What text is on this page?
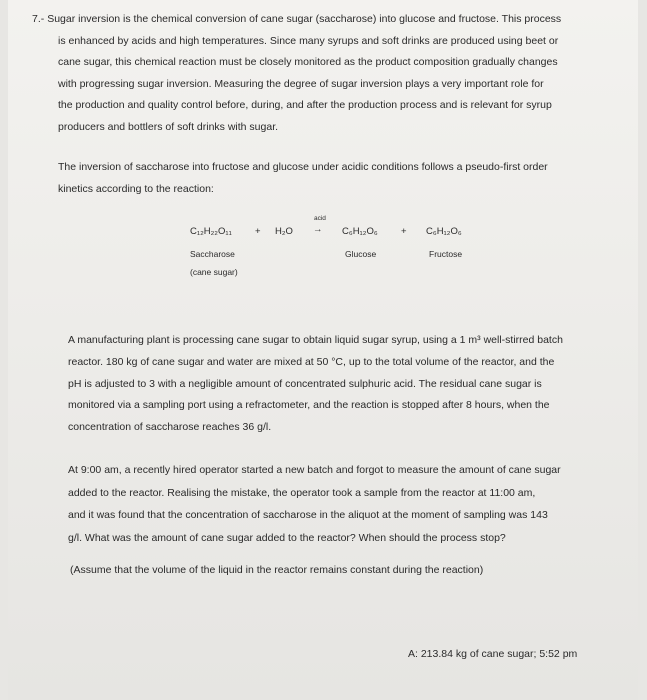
7.- Sugar inversion is the chemical conversion of cane sugar (saccharose) into glucose and fructose. This process
is enhanced by acids and high temperatures. Since many syrups and soft drinks are produced using beet or
cane sugar, this chemical reaction must be closely monitored as the product composition gradually changes
with progressing sugar inversion. Measuring the degree of sugar inversion plays a very important role for
the production and quality control before, during, and after the production process and is relevant for syrup
producers and bottlers of soft drinks with sugar.
The inversion of saccharose into fructose and glucose under acidic conditions follows a pseudo-first order
kinetics according to the reaction:
C₁₂H₂₂O₁₁ + H₂O
acid
→ C₆H₁₂O₆ + C₆H₁₂O₆
Saccharose
(cane sugar)
Glucose	Fructose
A manufacturing plant is processing cane sugar to obtain liquid sugar syrup, using a 1 m³ well-stirred batch
reactor. 180 kg of cane sugar and water are mixed at 50 °C, up to the total volume of the reactor, and the
pH is adjusted to 3 with a negligible amount of concentrated sulphuric acid. The residual cane sugar is
monitored via a sampling port using a refractometer, and the reaction is stopped after 8 hours, when the
concentration of saccharose reaches 36 g/l.
At 9:00 am, a recently hired operator started a new batch and forgot to measure the amount of cane sugar
added to the reactor. Realising the mistake, the operator took a sample from the reactor at 11:00 am,
and it was found that the concentration of saccharose in the aliquot at the moment of sampling was 143
g/l. What was the amount of cane sugar added to the reactor? When should the process stop?
(Assume that the volume of the liquid in the reactor remains constant during the reaction)
A: 213.84 kg of cane sugar; 5:52 pm
